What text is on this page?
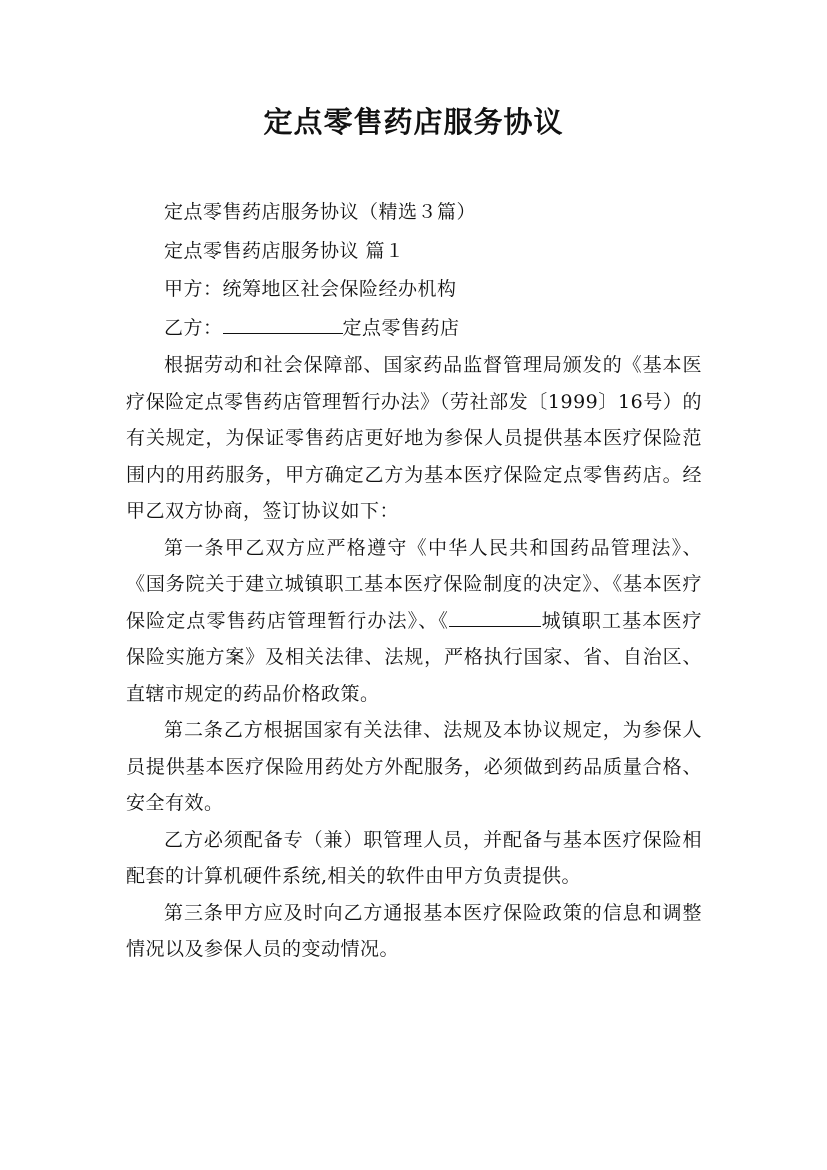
定点零售药店服务协议

定点零售药店服务协议（精选３篇）

定点零售药店服务协议 篇１

甲方：统筹地区社会保险经办机构

乙方：	定点零售药店

根据劳动和社会保障部、国家药品监督管理局颁发的《基本医疗保险定点零售药店管理暂行办法》（劳社部发〔1999〕16号）的有关规定，为保证零售药店更好地为参保人员提供基本医疗保险范围内的用药服务，甲方确定乙方为基本医疗保险定点零售药店。经甲乙双方协商，签订协议如下：

第一条甲乙双方应严格遵守《中华人民共和国药品管理法》、《国务院关于建立城镇职工基本医疗保险制度的决定》、《基本医疗保险定点零售药店管理暂行办法》、《	城镇职工基本医疗保险实施方案》及相关法律、法规，严格执行国家、省、自治区、直辖市规定的药品价格政策。

第二条乙方根据国家有关法律、法规及本协议规定，为参保人员提供基本医疗保险用药处方外配服务，必须做到药品质量合格、安全有效。

乙方必须配备专（兼）职管理人员，并配备与基本医疗保险相配套的计算机硬件系统,相关的软件由甲方负责提供。

第三条甲方应及时向乙方通报基本医疗保险政策的信息和调整情况以及参保人员的变动情况。
